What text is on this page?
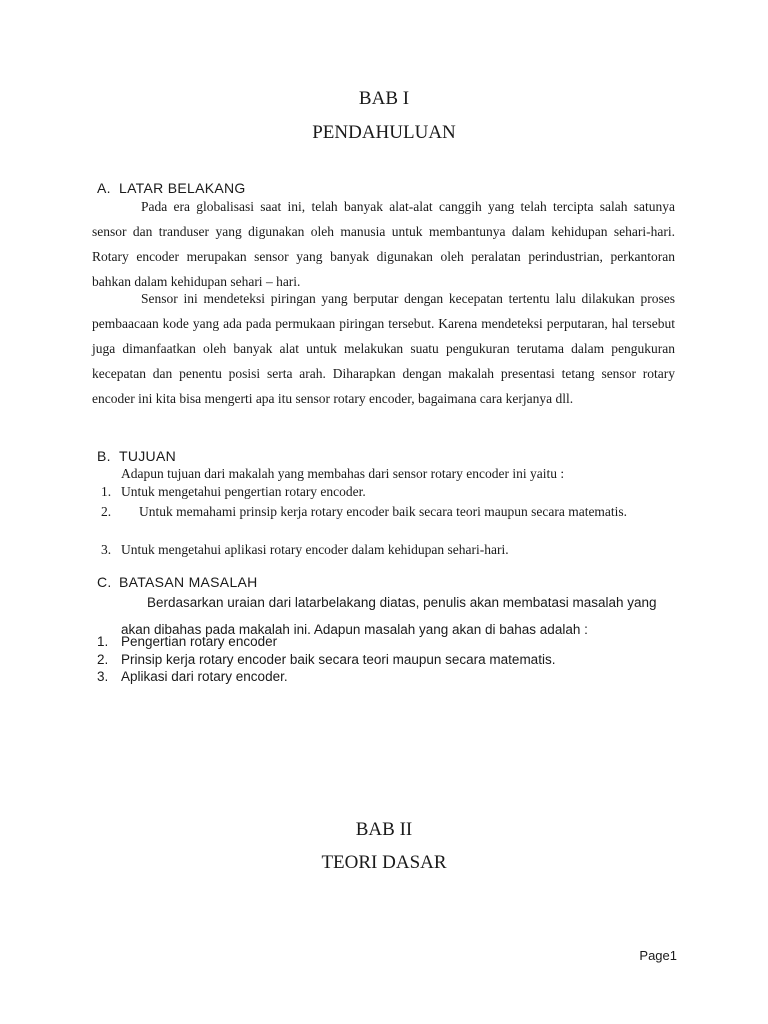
BAB I
PENDAHULUAN
A. LATAR BELAKANG

Pada era globalisasi saat ini, telah banyak alat-alat canggih yang telah tercipta salah satunya sensor dan tranduser yang digunakan oleh manusia untuk membantunya dalam kehidupan sehari-hari. Rotary encoder merupakan sensor yang banyak digunakan oleh peralatan perindustrian, perkantoran bahkan dalam kehidupan sehari – hari.

Sensor ini mendeteksi piringan yang berputar dengan kecepatan tertentu lalu dilakukan proses pembaacaan kode yang ada pada permukaan piringan tersebut. Karena mendeteksi perputaran, hal tersebut juga dimanfaatkan oleh banyak alat untuk melakukan suatu pengukuran terutama dalam pengukuran kecepatan dan penentu posisi serta arah. Diharapkan dengan makalah presentasi tetang sensor rotary encoder ini kita bisa mengerti apa itu sensor rotary encoder, bagaimana cara kerjanya dll.

B. TUJUAN
Adapun tujuan dari makalah yang membahas dari sensor rotary encoder ini yaitu :
1. Untuk mengetahui pengertian rotary encoder.
2.	Untuk memahami prinsip kerja rotary encoder baik secara teori maupun secara matematis.
3. Untuk mengetahui aplikasi rotary encoder dalam kehidupan sehari-hari.
C. BATASAN MASALAH

Berdasarkan uraian dari latarbelakang diatas, penulis akan membatasi masalah yang akan dibahas pada makalah ini. Adapun masalah yang akan di bahas adalah :

1. Pengertian rotary encoder
2. Prinsip kerja rotary encoder baik secara teori maupun secara matematis.
3. Aplikasi dari rotary encoder.
BAB II
TEORI DASAR
Page1
